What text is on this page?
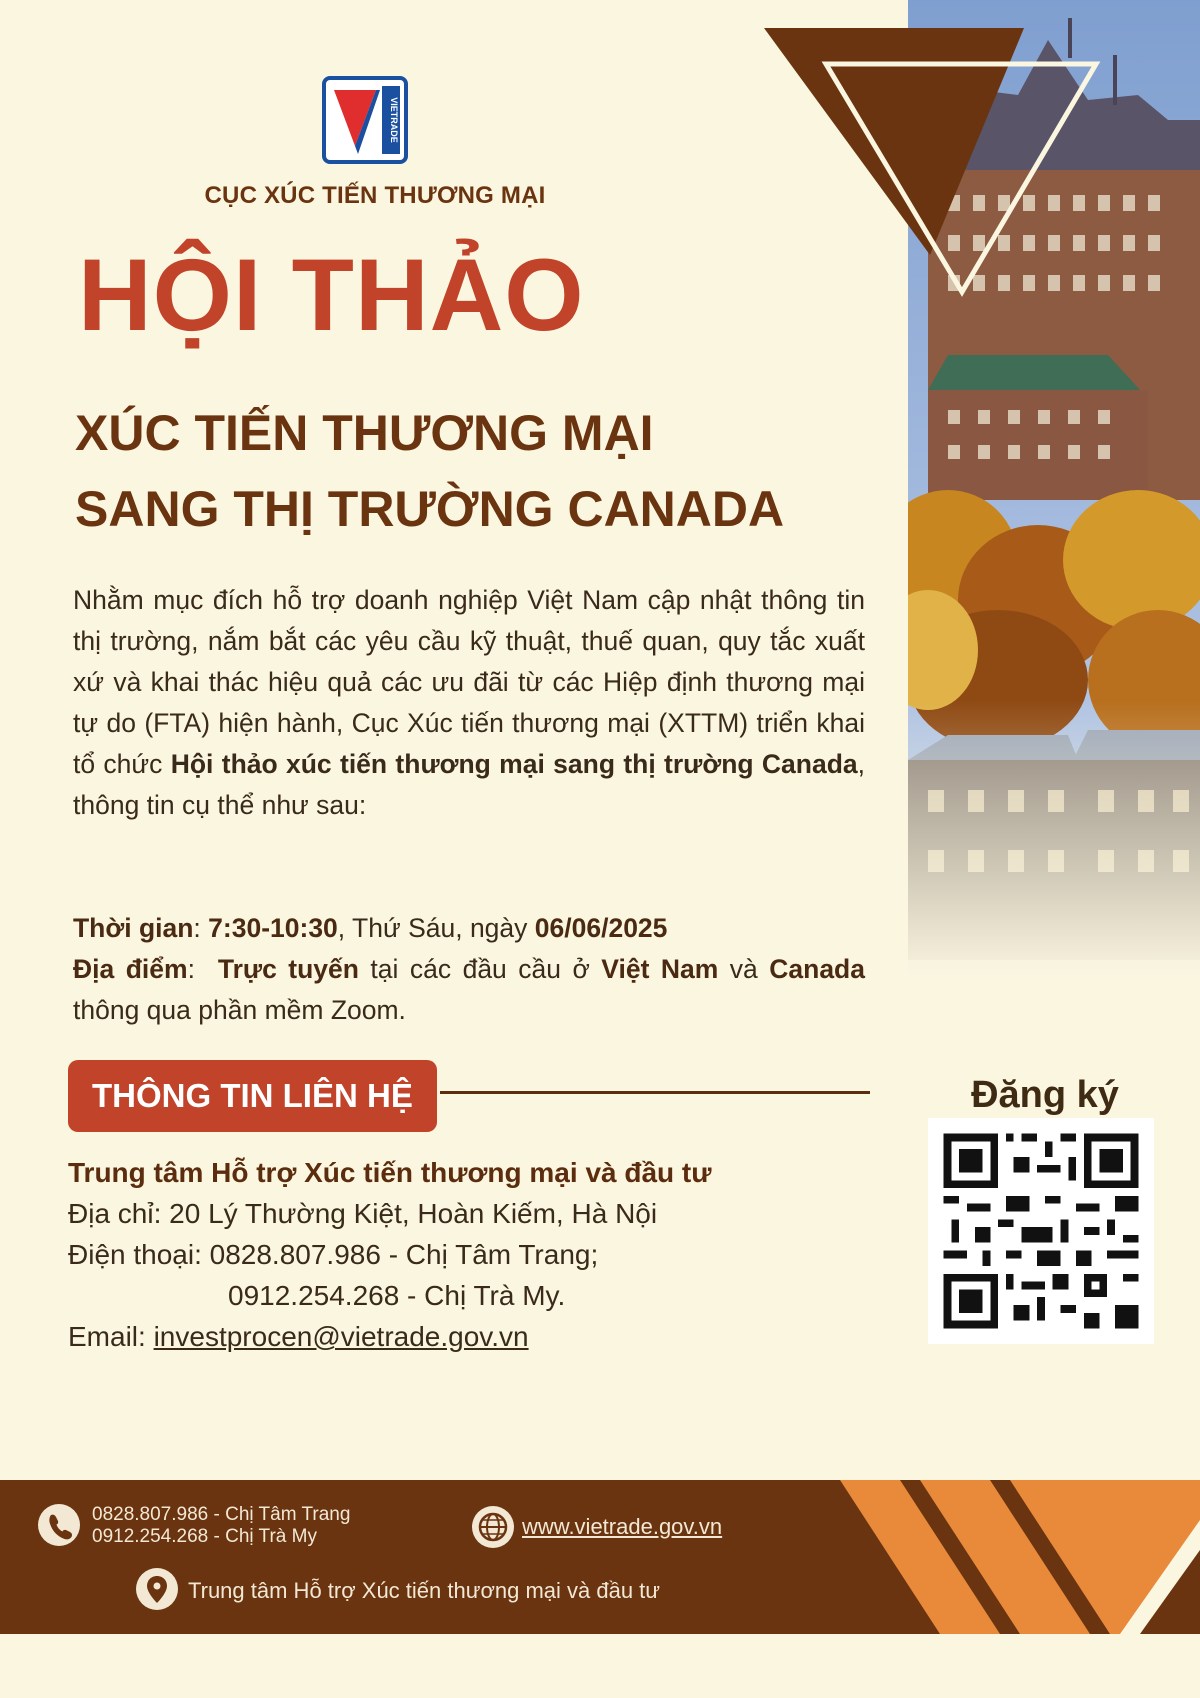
VIETRADE
CỤC XÚC TIẾN THƯƠNG MẠI
HỘI THẢO
XÚC TIẾN THƯƠNG MẠI
SANG THỊ TRƯỜNG CANADA
Nhằm mục đích hỗ trợ doanh nghiệp Việt Nam cập nhật thông tin thị trường, nắm bắt các yêu cầu kỹ thuật, thuế quan, quy tắc xuất xứ và khai thác hiệu quả các ưu đãi từ các Hiệp định thương mại tự do (FTA) hiện hành, Cục Xúc tiến thương mại (XTTM) triển khai tổ chức Hội thảo xúc tiến thương mại sang thị trường Canada, thông tin cụ thể như sau:
Thời gian: 7:30-10:30, Thứ Sáu, ngày 06/06/2025
Địa điểm:  Trực tuyến tại các đầu cầu ở Việt Nam và Canada thông qua phần mềm Zoom.
THÔNG TIN LIÊN HỆ
Trung tâm Hỗ trợ Xúc tiến thương mại và đầu tư
Địa chỉ: 20 Lý Thường Kiệt, Hoàn Kiếm, Hà Nội
Điện thoại: 0828.807.986 - Chị Tâm Trang;
0912.254.268 - Chị Trà My.
Email: investprocen@vietrade.gov.vn
Đăng ký
0828.807.986 - Chị Tâm Trang
0912.254.268 - Chị Trà My	www.vietrade.gov.vn
Trung tâm Hỗ trợ Xúc tiến thương mại và đầu tư
